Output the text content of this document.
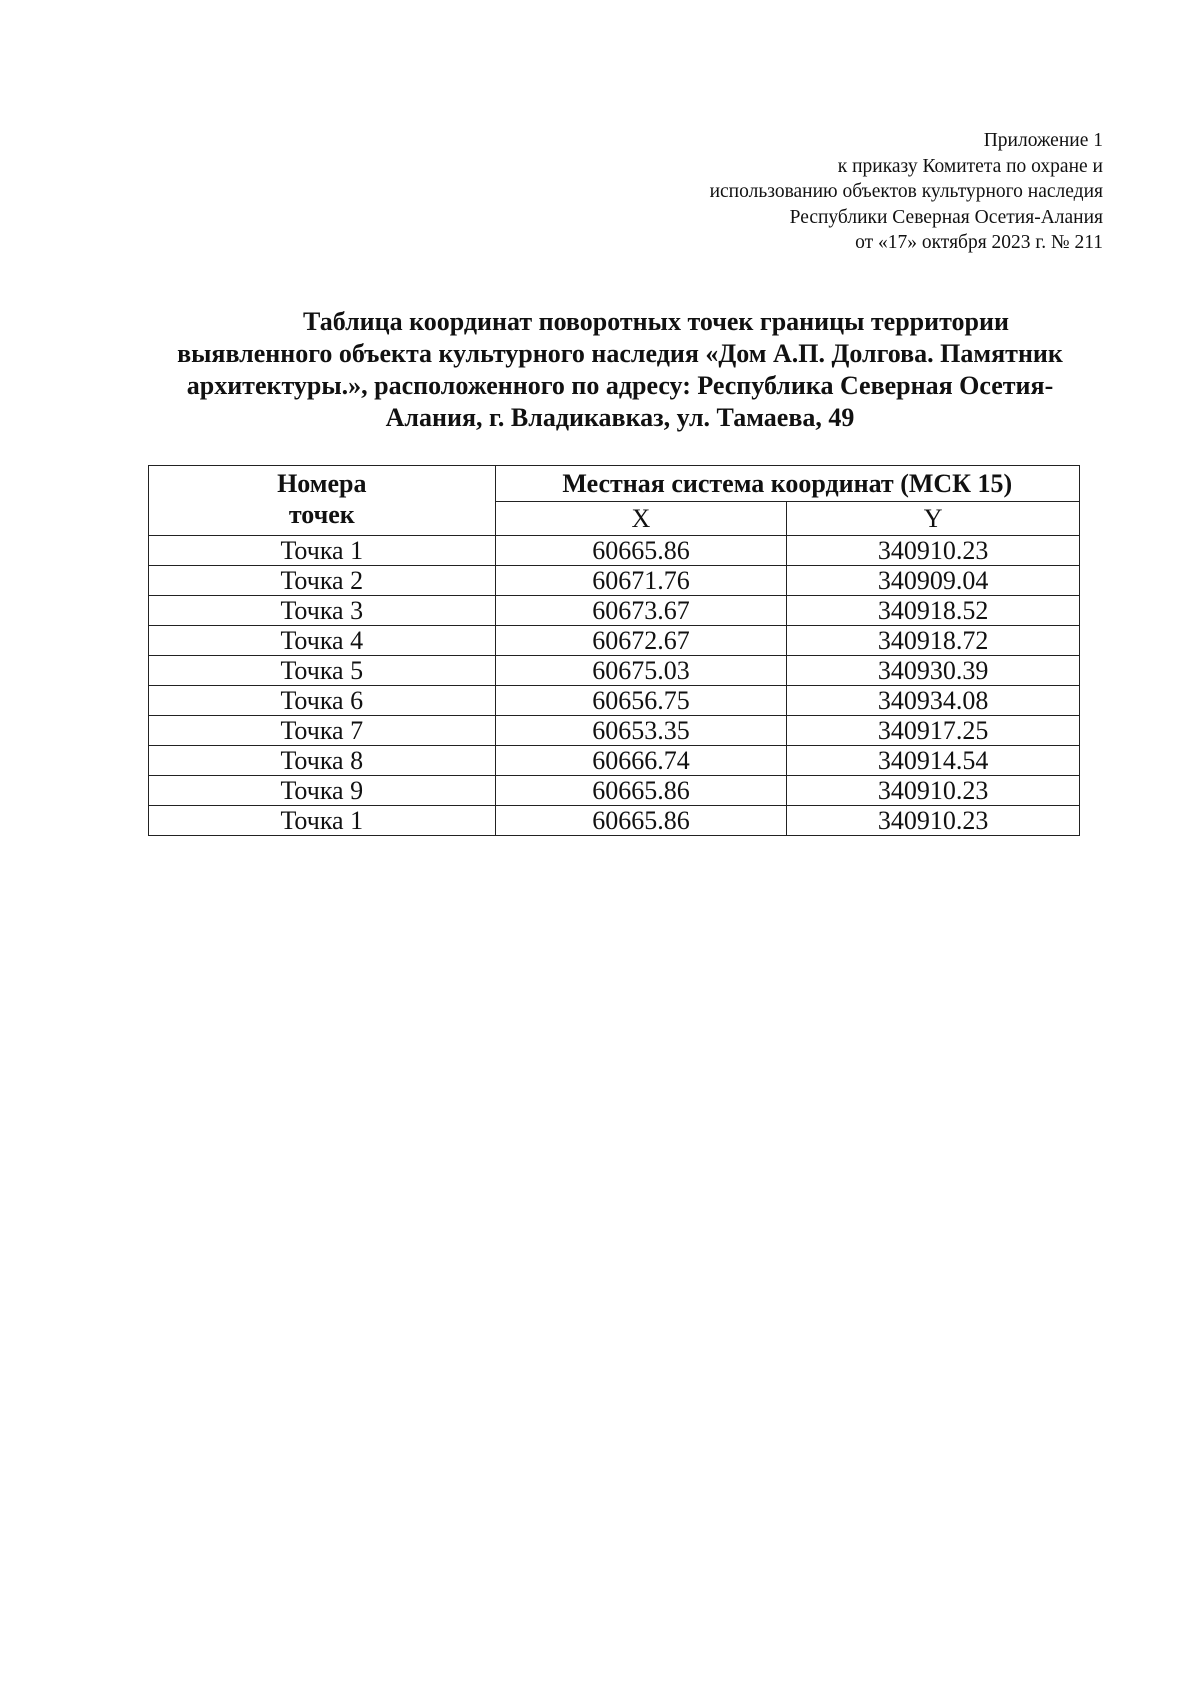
Приложение 1
к приказу Комитета по охране и
использованию объектов культурного наследия
Республики Северная Осетия-Алания
от «17» октября 2023 г. № 211
Таблица координат поворотных точек границы территории
выявленного объекта культурного наследия «Дом А.П. Долгова. Памятник
архитектуры.», расположенного по адресу: Республика Северная Осетия-
Алания, г. Владикавказ, ул. Тамаева, 49
Номера
точек	Местная система координат (МСК 15)	
	X	Y
Точка 1	60665.86	340910.23
Точка 2	60671.76	340909.04
Точка 3	60673.67	340918.52
Точка 4	60672.67	340918.72
Точка 5	60675.03	340930.39
Точка 6	60656.75	340934.08
Точка 7	60653.35	340917.25
Точка 8	60666.74	340914.54
Точка 9	60665.86	340910.23
Точка 1	60665.86	340910.23
